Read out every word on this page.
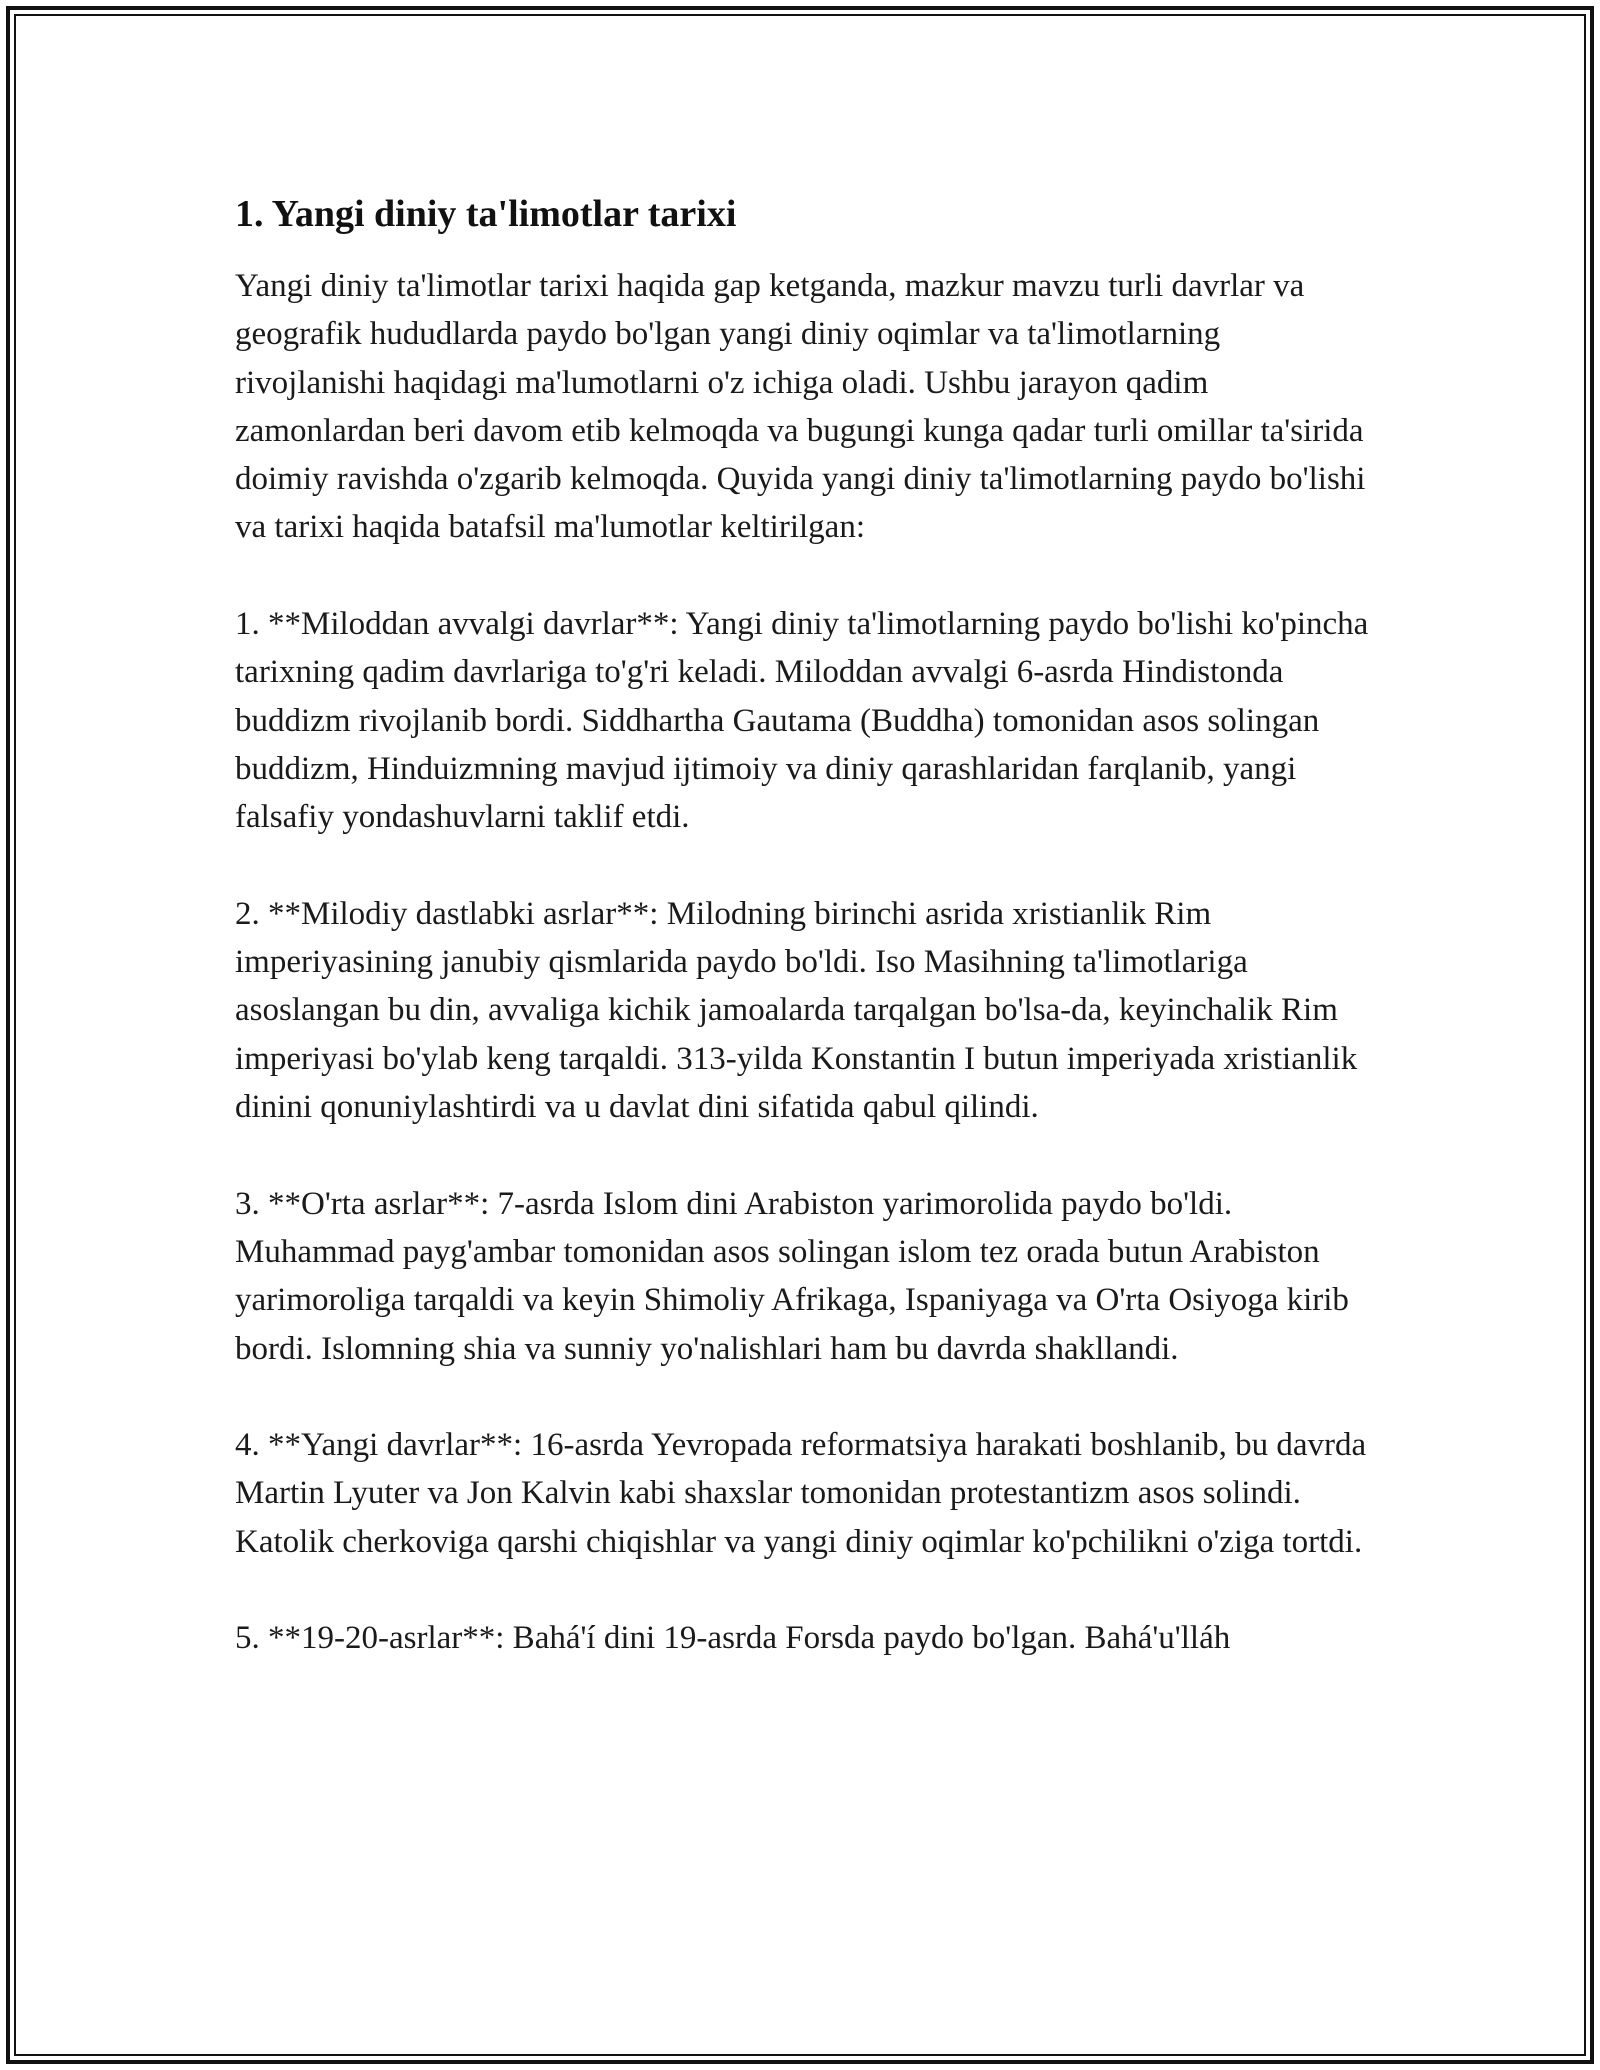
1. Yangi diniy ta'limotlar tarixi

Yangi diniy ta'limotlar tarixi haqida gap ketganda, mazkur mavzu turli davrlar va geografik hududlarda paydo bo'lgan yangi diniy oqimlar va ta'limotlarning rivojlanishi haqidagi ma'lumotlarni o'z ichiga oladi. Ushbu jarayon qadim zamonlardan beri davom etib kelmoqda va bugungi kunga qadar turli omillar ta'sirida doimiy ravishda o'zgarib kelmoqda. Quyida yangi diniy ta'limotlarning paydo bo'lishi va tarixi haqida batafsil ma'lumotlar keltirilgan:

1. **Miloddan avvalgi davrlar**: Yangi diniy ta'limotlarning paydo bo'lishi ko'pincha tarixning qadim davrlariga to'g'ri keladi. Miloddan avvalgi 6-asrda Hindistonda buddizm rivojlanib bordi. Siddhartha Gautama (Buddha) tomonidan asos solingan buddizm, Hinduizmning mavjud ijtimoiy va diniy qarashlaridan farqlanib, yangi falsafiy yondashuvlarni taklif etdi.

2. **Milodiy dastlabki asrlar**: Milodning birinchi asrida xristianlik Rim imperiyasining janubiy qismlarida paydo bo'ldi. Iso Masihning ta'limotlariga asoslangan bu din, avvaliga kichik jamoalarda tarqalgan bo'lsa-da, keyinchalik Rim imperiyasi bo'ylab keng tarqaldi. 313-yilda Konstantin I butun imperiyada xristianlik dinini qonuniylashtirdi va u davlat dini sifatida qabul qilindi.

3. **O'rta asrlar**: 7-asrda Islom dini Arabiston yarimorolida paydo bo'ldi. Muhammad payg'ambar tomonidan asos solingan islom tez orada butun Arabiston yarimoroliga tarqaldi va keyin Shimoliy Afrikaga, Ispaniyaga va O'rta Osiyoga kirib bordi. Islomning shia va sunniy yo'nalishlari ham bu davrda shakllandi.

4. **Yangi davrlar**: 16-asrda Yevropada reformatsiya harakati boshlanib, bu davrda Martin Lyuter va Jon Kalvin kabi shaxslar tomonidan protestantizm asos solindi. Katolik cherkoviga qarshi chiqishlar va yangi diniy oqimlar ko'pchilikni o'ziga tortdi.

5. **19-20-asrlar**: Bahá'í dini 19-asrda Forsda paydo bo'lgan. Bahá'u'lláh
